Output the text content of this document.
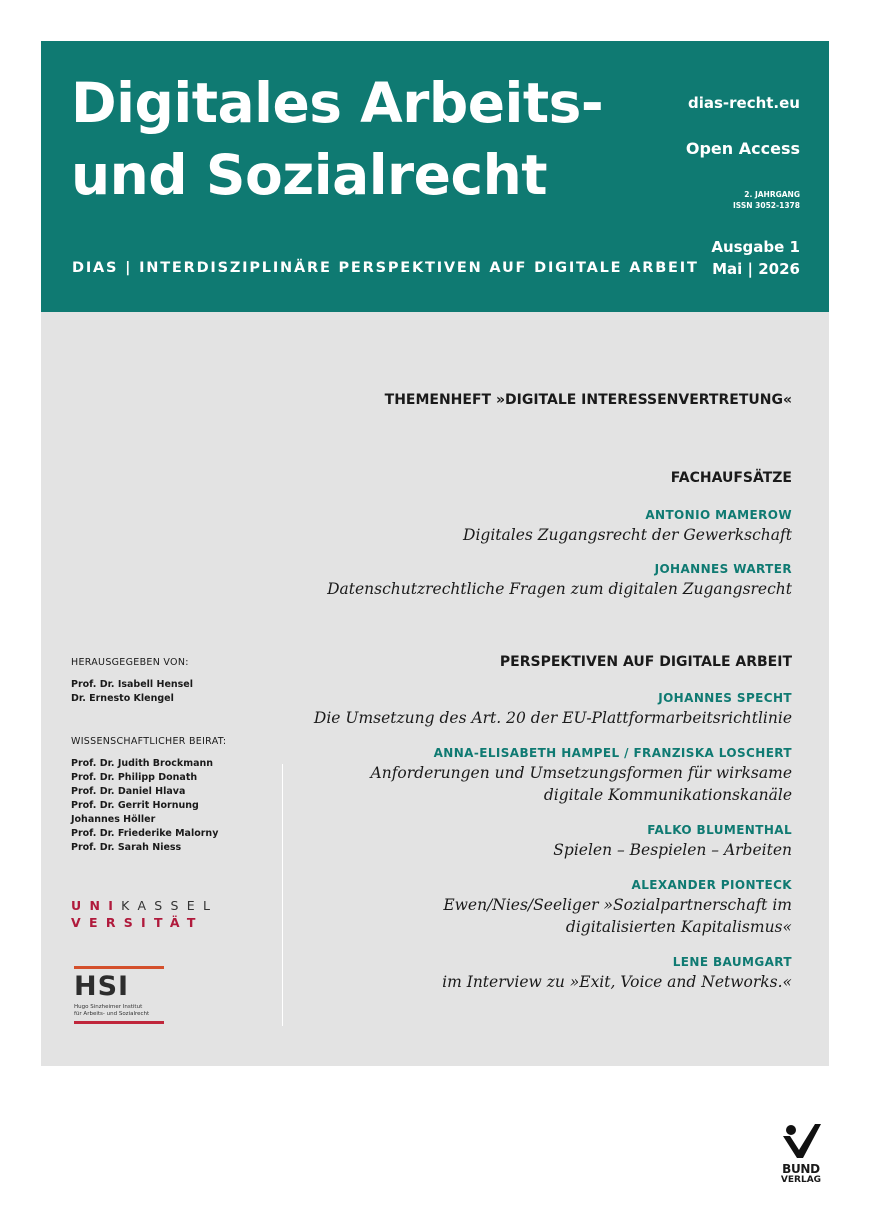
Digitales Arbeits-
und Sozialrecht
DIAS | INTERDISZIPLINÄRE PERSPEKTIVEN AUF DIGITALE ARBEIT
dias-recht.eu
Open Access
2. JAHRGANG
ISSN 3052-1378
Ausgabe 1
Mai | 2026

THEMENHEFT »DIGITALE INTERESSENVERTRETUNG«

FACHAUFSÄTZE

ANTONIO MAMEROW

Digitales Zugangsrecht der Gewerkschaft

JOHANNES WARTER

Datenschutzrechtliche Fragen zum digitalen Zugangsrecht

PERSPEKTIVEN AUF DIGITALE ARBEIT

JOHANNES SPECHT

Die Umsetzung des Art. 20 der EU-Plattformarbeitsrichtlinie

ANNA-ELISABETH HAMPEL / FRANZISKA LOSCHERT

Anforderungen und Umsetzungsformen für wirksame
digitale Kommunikationskanäle

FALKO BLUMENTHAL

Spielen – Bespielen – Arbeiten

ALEXANDER PIONTECK

Ewen/Nies/Seeliger »Sozialpartnerschaft im
digitalisierten Kapitalismus«

LENE BAUMGART

im Interview zu »Exit, Voice and Networks.«

HERAUSGEGEBEN VON:

Prof. Dr. Isabell Hensel

Dr. Ernesto Klengel

WISSENSCHAFTLICHER BEIRAT:

Prof. Dr. Judith Brockmann

Prof. Dr. Philipp Donath

Prof. Dr. Daniel Hlava

Prof. Dr. Gerrit Hornung

Johannes Höller

Prof. Dr. Friederike Malorny

Prof. Dr. Sarah Niess

UNIKASSEL
VERSITÄT
HSI
Hugo Sinzheimer Institut
für Arbeits- und Sozialrecht
BUND
VERLAG
